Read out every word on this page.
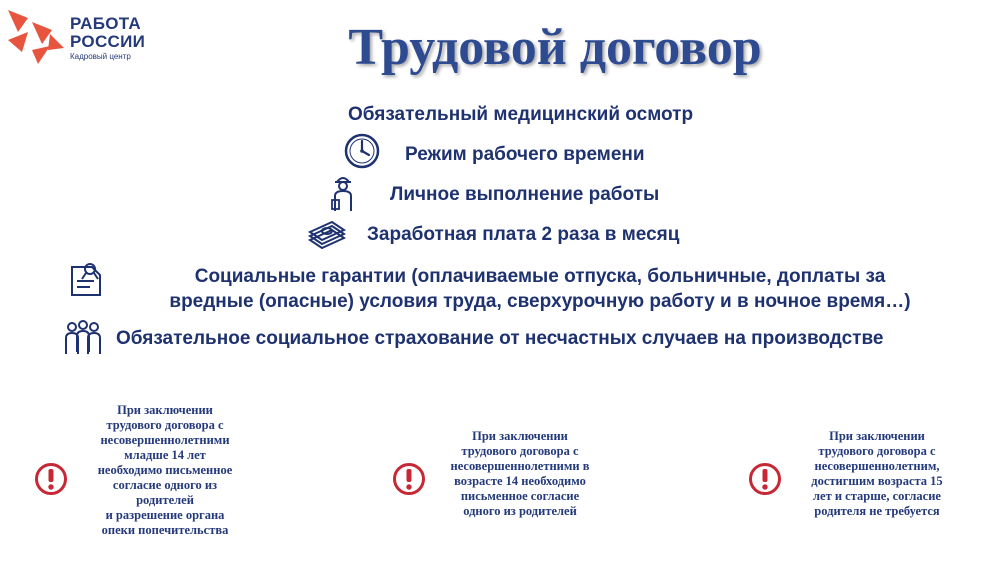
РАБОТА
РОССИИ
Кадровый центр	Трудовой договор
Обязательный медицинский осмотр
Режим рабочего времени
Личное выполнение работы
Заработная плата 2 раза в месяц
Социальные гарантии (оплачиваемые отпуска, больничные, доплаты за
вредные (опасные) условия труда, сверхурочную работу и в ночное время…)
Обязательное социальное страхование от несчастных случаев на производстве
При заключении
трудового договора с
несовершеннолетними
младше 14 лет
необходимо письменное
согласие одного из
родителей
и разрешение органа
опеки попечительства
При заключении
трудового договора с
несовершеннолетними в
возрасте 14 необходимо
письменное согласие
одного из родителей
При заключении
трудового договора с
несовершеннолетним,
достигшим возраста 15
лет и старше, согласие
родителя не требуется
